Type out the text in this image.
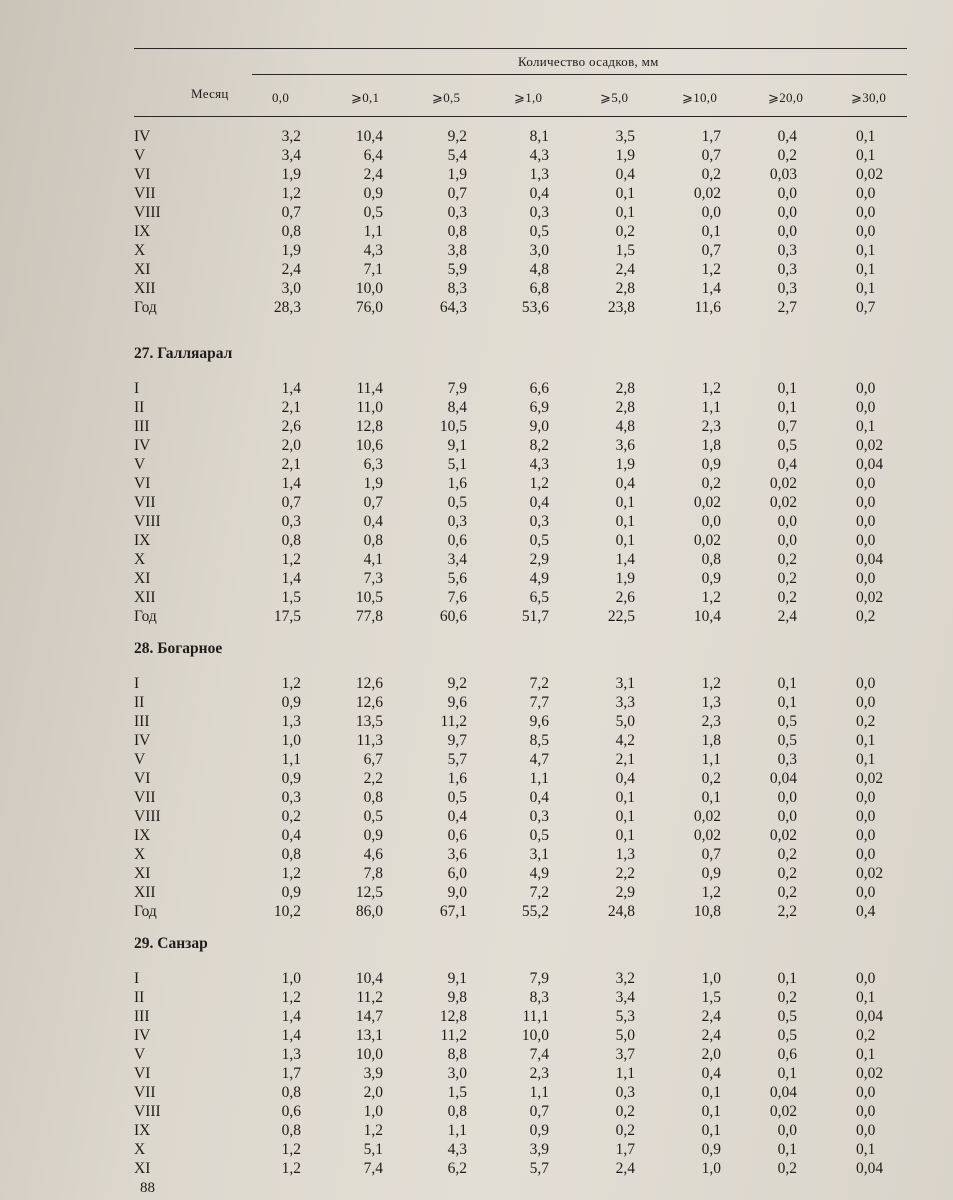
Количество осадков, мм
Месяц	0,0	⩾0,1	⩾0,5	⩾1,0	⩾5,0	⩾10,0	⩾20,0	⩾30,0
IV	3,2	10,4	9,2	8,1	3,5	1,7	0,4	0,1
V	3,4	6,4	5,4	4,3	1,9	0,7	0,2	0,1
VI	1,9	2,4	1,9	1,3	0,4	0,2	0,03	0,02
VII	1,2	0,9	0,7	0,4	0,1	0,02	0,0	0,0
VIII	0,7	0,5	0,3	0,3	0,1	0,0	0,0	0,0
IX	0,8	1,1	0,8	0,5	0,2	0,1	0,0	0,0
X	1,9	4,3	3,8	3,0	1,5	0,7	0,3	0,1
XI	2,4	7,1	5,9	4,8	2,4	1,2	0,3	0,1
XII	3,0	10,0	8,3	6,8	2,8	1,4	0,3	0,1
Год	28,3	76,0	64,3	53,6	23,8	11,6	2,7	0,7
27. Галляарал
I	1,4	11,4	7,9	6,6	2,8	1,2	0,1	0,0
II	2,1	11,0	8,4	6,9	2,8	1,1	0,1	0,0
III	2,6	12,8	10,5	9,0	4,8	2,3	0,7	0,1
IV	2,0	10,6	9,1	8,2	3,6	1,8	0,5	0,02
V	2,1	6,3	5,1	4,3	1,9	0,9	0,4	0,04
VI	1,4	1,9	1,6	1,2	0,4	0,2	0,02	0,0
VII	0,7	0,7	0,5	0,4	0,1	0,02	0,02	0,0
VIII	0,3	0,4	0,3	0,3	0,1	0,0	0,0	0,0
IX	0,8	0,8	0,6	0,5	0,1	0,02	0,0	0,0
X	1,2	4,1	3,4	2,9	1,4	0,8	0,2	0,04
XI	1,4	7,3	5,6	4,9	1,9	0,9	0,2	0,0
XII	1,5	10,5	7,6	6,5	2,6	1,2	0,2	0,02
Год	17,5	77,8	60,6	51,7	22,5	10,4	2,4	0,2
28. Богарное
I	1,2	12,6	9,2	7,2	3,1	1,2	0,1	0,0
II	0,9	12,6	9,6	7,7	3,3	1,3	0,1	0,0
III	1,3	13,5	11,2	9,6	5,0	2,3	0,5	0,2
IV	1,0	11,3	9,7	8,5	4,2	1,8	0,5	0,1
V	1,1	6,7	5,7	4,7	2,1	1,1	0,3	0,1
VI	0,9	2,2	1,6	1,1	0,4	0,2	0,04	0,02
VII	0,3	0,8	0,5	0,4	0,1	0,1	0,0	0,0
VIII	0,2	0,5	0,4	0,3	0,1	0,02	0,0	0,0
IX	0,4	0,9	0,6	0,5	0,1	0,02	0,02	0,0
X	0,8	4,6	3,6	3,1	1,3	0,7	0,2	0,0
XI	1,2	7,8	6,0	4,9	2,2	0,9	0,2	0,02
XII	0,9	12,5	9,0	7,2	2,9	1,2	0,2	0,0
Год	10,2	86,0	67,1	55,2	24,8	10,8	2,2	0,4
29. Санзар
I	1,0	10,4	9,1	7,9	3,2	1,0	0,1	0,0
II	1,2	11,2	9,8	8,3	3,4	1,5	0,2	0,1
III	1,4	14,7	12,8	11,1	5,3	2,4	0,5	0,04
IV	1,4	13,1	11,2	10,0	5,0	2,4	0,5	0,2
V	1,3	10,0	8,8	7,4	3,7	2,0	0,6	0,1
VI	1,7	3,9	3,0	2,3	1,1	0,4	0,1	0,02
VII	0,8	2,0	1,5	1,1	0,3	0,1	0,04	0,0
VIII	0,6	1,0	0,8	0,7	0,2	0,1	0,02	0,0
IX	0,8	1,2	1,1	0,9	0,2	0,1	0,0	0,0
X	1,2	5,1	4,3	3,9	1,7	0,9	0,1	0,1
XI	1,2	7,4	6,2	5,7	2,4	1,0	0,2	0,04
88
